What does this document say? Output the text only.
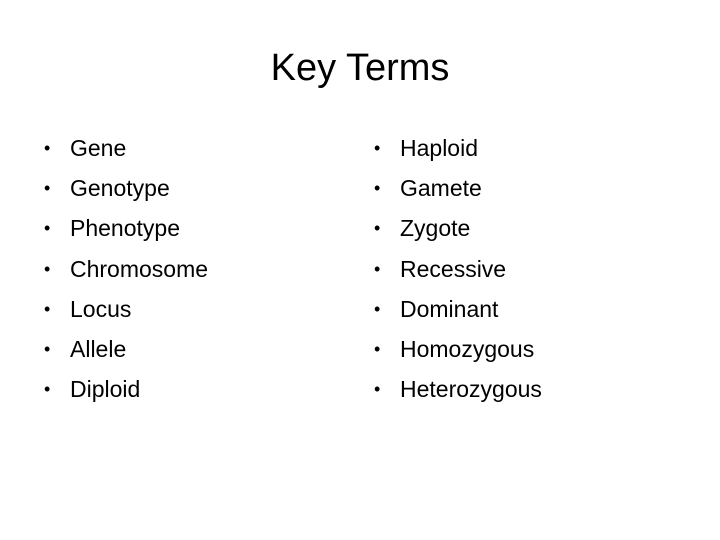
Key Terms
• Gene
• Genotype
• Phenotype
• Chromosome
• Locus
• Allele
• Diploid
• Haploid
• Gamete
• Zygote
• Recessive
• Dominant
• Homozygous
• Heterozygous
